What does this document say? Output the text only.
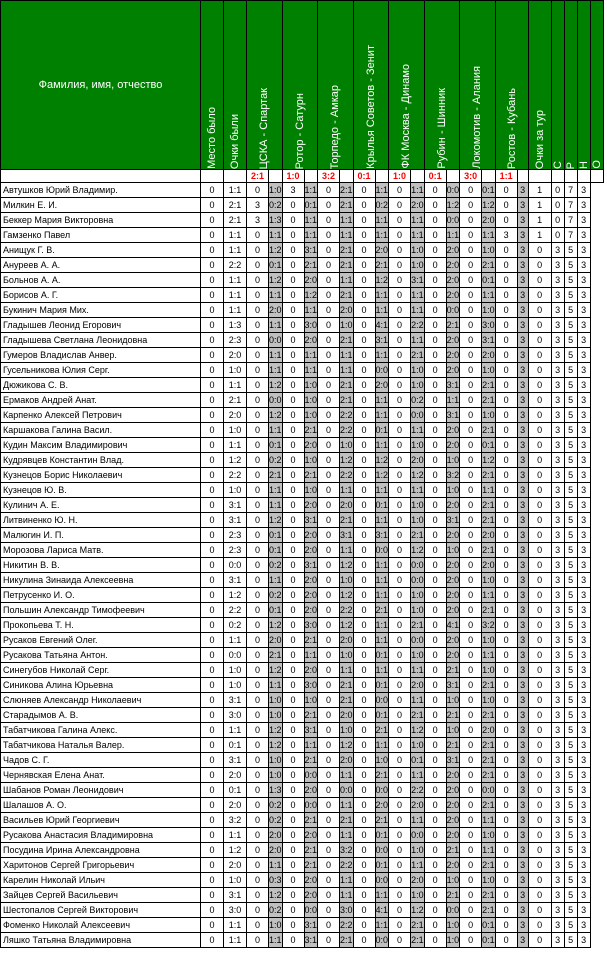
Фамилия, имя, отчество	Место было	Очки были	ЦСКА - Спартак		Ротор - Сатурн		Торпедо - Амкар		Крылья Советов - Зенит		ФК Москва - Динамо		Рубин - Шинник		Локомотив - Алания		Ростов - Кубань		Очки за тур	С	Р	Н	О

			2:1		1:0		3:2		0:1		1:0		0:1		3:0		1:1						
Автушков Юрий Владимир.	0	1:1	0	1:0	3	1:1	0	2:1	0	1:1	0	1:1	0	0:0	0	0:1	0	3	1	0	7	3	
Милкин Е. И.	0	2:1	3	0:2	0	0:1	0	2:1	0	0:2	0	2:0	0	1:2	0	1:2	0	3	1	0	7	3	
Беккер Мария Викторовна	0	2:1	3	1:3	0	1:1	0	1:1	0	1:1	0	1:1	0	0:0	0	2:0	0	3	1	0	7	3	
Гамзенко Павел	0	1:1	0	1:1	0	1:1	0	1:1	0	1:1	0	1:1	0	1:1	0	1:1	3	3	1	0	7	3	
Анищук Г. В.	0	1:1	0	1:2	0	3:1	0	2:1	0	2:0	0	1:0	0	2:0	0	1:0	0	3	0	3	5	3	
Ануреев А. А.	0	2:2	0	0:1	0	2:1	0	2:1	0	2:1	0	1:0	0	2:0	0	2:1	0	3	0	3	5	3	
Больнов А. А.	0	1:1	0	1:2	0	2:0	0	1:1	0	1:2	0	3:1	0	2:0	0	0:1	0	3	0	3	5	3	
Борисов А. Г.	0	1:1	0	1:1	0	1:2	0	2:1	0	1:1	0	1:1	0	2:0	0	1:1	0	3	0	3	5	3	
Букинич Мария Мих.	0	1:1	0	2:0	0	1:1	0	2:0	0	1:1	0	1:1	0	0:0	0	1:0	0	3	0	3	5	3	
Гладышев Леонид Егорович	0	1:3	0	1:1	0	3:0	0	1:0	0	4:1	0	2:2	0	2:1	0	3:0	0	3	0	3	5	3	
Гладышева Светлана Леонидовна	0	2:3	0	0:0	0	2:0	0	2:1	0	3:1	0	1:1	0	2:0	0	3:1	0	3	0	3	5	3	
Гумеров Владислав Анвер.	0	2:0	0	1:1	0	1:1	0	1:1	0	1:1	0	2:1	0	2:0	0	2:0	0	3	0	3	5	3	
Гусельникова Юлия Серг.	0	1:0	0	1:1	0	1:1	0	1:1	0	0:0	0	1:0	0	2:0	0	1:0	0	3	0	3	5	3	
Дюжикова С. В.	0	1:1	0	1:2	0	1:0	0	2:1	0	2:0	0	1:0	0	3:1	0	2:1	0	3	0	3	5	3	
Ермаков Андрей Анат.	0	2:1	0	0:0	0	1:0	0	2:1	0	1:1	0	0:2	0	1:1	0	2:1	0	3	0	3	5	3	
Карпенко Алексей Петрович	0	2:0	0	1:2	0	1:0	0	2:2	0	1:1	0	0:0	0	3:1	0	1:0	0	3	0	3	5	3	
Каршакова Галина Васил.	0	1:0	0	1:1	0	2:1	0	2:2	0	0:1	0	1:1	0	2:0	0	2:1	0	3	0	3	5	3	
Кудин Максим Владимирович	0	1:1	0	0:1	0	2:0	0	1:0	0	1:1	0	1:0	0	2:0	0	0:1	0	3	0	3	5	3	
Кудрявцев Константин Влад.	0	1:2	0	0:2	0	1:0	0	1:2	0	1:2	0	2:0	0	1:0	0	1:2	0	3	0	3	5	3	
Кузнецов Борис Николаевич	0	2:2	0	2:1	0	2:1	0	2:2	0	1:2	0	1:2	0	3:2	0	2:1	0	3	0	3	5	3	
Кузнецов Ю. В.	0	1:0	0	1:1	0	1:0	0	1:1	0	1:1	0	1:1	0	1:0	0	1:1	0	3	0	3	5	3	
Кулинич А. Е.	0	3:1	0	1:1	0	2:0	0	2:0	0	0:1	0	1:0	0	2:0	0	2:1	0	3	0	3	5	3	
Литвиненко Ю. Н.	0	3:1	0	1:2	0	3:1	0	2:1	0	1:1	0	1:0	0	3:1	0	2:1	0	3	0	3	5	3	
Малюгин И. П.	0	2:3	0	0:1	0	2:0	0	3:1	0	3:1	0	2:1	0	2:0	0	2:0	0	3	0	3	5	3	
Морозова Лариса Матв.	0	2:3	0	0:1	0	2:0	0	1:1	0	0:0	0	1:2	0	1:0	0	2:1	0	3	0	3	5	3	
Никитин В. В.	0	0:0	0	0:2	0	3:1	0	1:2	0	1:1	0	0:0	0	2:0	0	2:0	0	3	0	3	5	3	
Никулина Зинаида Алексеевна	0	3:1	0	1:1	0	2:0	0	1:0	0	1:1	0	0:0	0	2:0	0	1:0	0	3	0	3	5	3	
Петрусенко И. О.	0	1:2	0	0:2	0	2:0	0	1:2	0	1:1	0	1:0	0	2:0	0	1:1	0	3	0	3	5	3	
Польшин Александр Тимофеевич	0	2:2	0	0:1	0	2:0	0	2:2	0	2:1	0	1:0	0	2:0	0	2:1	0	3	0	3	5	3	
Прокопьева Т. Н.	0	0:2	0	1:2	0	3:0	0	1:2	0	1:1	0	2:1	0	4:1	0	3:2	0	3	0	3	5	3	
Русаков Евгений Олег.	0	1:1	0	2:0	0	2:1	0	2:0	0	1:1	0	0:0	0	2:0	0	1:0	0	3	0	3	5	3	
Русакова Татьяна Антон.	0	0:0	0	2:1	0	1:1	0	1:0	0	0:1	0	1:0	0	2:0	0	1:1	0	3	0	3	5	3	
Синегубов Николай Серг.	0	1:0	0	1:2	0	2:0	0	1:1	0	1:1	0	1:1	0	2:1	0	1:0	0	3	0	3	5	3	
Синикова Алина Юрьевна	0	1:0	0	1:1	0	3:0	0	2:1	0	0:1	0	2:0	0	3:1	0	2:1	0	3	0	3	5	3	
Слюняев Александр Николаевич	0	3:1	0	1:0	0	1:0	0	2:1	0	0:0	0	1:1	0	1:0	0	1:0	0	3	0	3	5	3	
Старадымов А. В.	0	3:0	0	1:0	0	2:1	0	2:0	0	0:1	0	2:1	0	2:1	0	2:1	0	3	0	3	5	3	
Табатчикова Галина Алекс.	0	1:1	0	1:2	0	3:1	0	1:0	0	2:1	0	1:2	0	1:0	0	2:0	0	3	0	3	5	3	
Табатчикова Наталья Валер.	0	0:1	0	1:2	0	1:1	0	1:2	0	1:1	0	1:0	0	2:1	0	2:1	0	3	0	3	5	3	
Чадов С. Г.	0	3:1	0	1:0	0	2:1	0	2:0	0	1:0	0	0:1	0	3:1	0	2:1	0	3	0	3	5	3	
Чернявская Елена Анат.	0	2:0	0	1:0	0	0:0	0	1:1	0	2:1	0	1:1	0	2:0	0	2:1	0	3	0	3	5	3	
Шабанов Роман Леонидович	0	0:1	0	1:3	0	2:0	0	0:0	0	0:0	0	2:2	0	2:0	0	0:0	0	3	0	3	5	3	
Шалашов А. О.	0	2:0	0	0:2	0	0:0	0	1:1	0	2:0	0	2:0	0	2:0	0	2:1	0	3	0	3	5	3	
Васильев Юрий Георгиевич	0	3:2	0	0:2	0	2:1	0	2:1	0	2:1	0	1:1	0	2:0	0	1:1	0	3	0	3	5	3	
Русакова Анастасия Владимировна	0	1:1	0	2:0	0	2:0	0	1:1	0	0:1	0	0:0	0	2:0	0	1:0	0	3	0	3	5	3	
Посудина Ирина Александровна	0	1:2	0	2:0	0	2:1	0	3:2	0	0:0	0	1:0	0	2:1	0	1:1	0	3	0	3	5	3	
Харитонов Сергей Григорьевич	0	2:0	0	1:1	0	2:1	0	2:2	0	0:1	0	1:1	0	2:0	0	2:1	0	3	0	3	5	3	
Карелин Николай Ильич	0	1:0	0	0:3	0	2:0	0	1:1	0	0:0	0	2:0	0	1:0	0	1:0	0	3	0	3	5	3	
Зайцев Сергей Васильевич	0	3:1	0	1:2	0	2:0	0	1:1	0	1:1	0	1:0	0	2:1	0	2:1	0	3	0	3	5	3	
Шестопалов Сергей Викторович	0	3:0	0	0:2	0	0:0	0	3:0	0	4:1	0	1:2	0	0:0	0	2:1	0	3	0	3	5	3	
Фоменко Николай Алексеевич	0	1:1	0	1:0	0	3:1	0	2:2	0	1:1	0	2:1	0	1:0	0	0:1	0	3	0	3	5	3	
Ляшко Татьяна Владимировна	0	1:1	0	1:1	0	3:1	0	2:1	0	0:0	0	2:1	0	1:0	0	0:1	0	3	0	3	5	3	
